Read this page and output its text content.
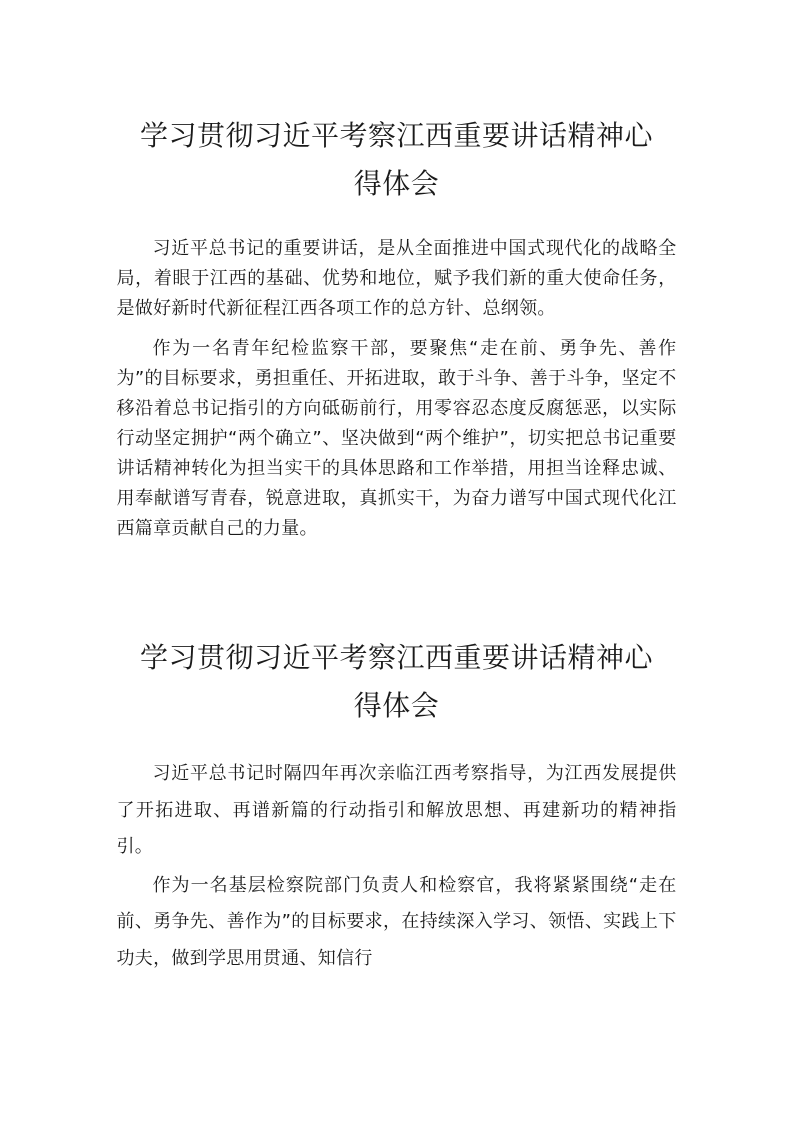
学习贯彻习近平考察江西重要讲话精神心
得体会

习近平总书记的重要讲话，是从全面推进中国式现代化的战略全局，着眼于江西的基础、优势和地位，赋予我们新的重大使命任务，是做好新时代新征程江西各项工作的总方针、总纲领。

作为一名青年纪检监察干部，要聚焦“走在前、勇争先、善作为”的目标要求，勇担重任、开拓进取，敢于斗争、善于斗争，坚定不移沿着总书记指引的方向砥砺前行，用零容忍态度反腐惩恶，以实际行动坚定拥护“两个确立”、坚决做到“两个维护”，切实把总书记重要讲话精神转化为担当实干的具体思路和工作举措，用担当诠释忠诚、用奉献谱写青春，锐意进取，真抓实干，为奋力谱写中国式现代化江西篇章贡献自己的力量。

学习贯彻习近平考察江西重要讲话精神心
得体会

习近平总书记时隔四年再次亲临江西考察指导，为江西发展提供了开拓进取、再谱新篇的行动指引和解放思想、再建新功的精神指引。

作为一名基层检察院部门负责人和检察官，我将紧紧围绕“走在前、勇争先、善作为”的目标要求，在持续深入学习、领悟、实践上下功夫，做到学思用贯通、知信行
